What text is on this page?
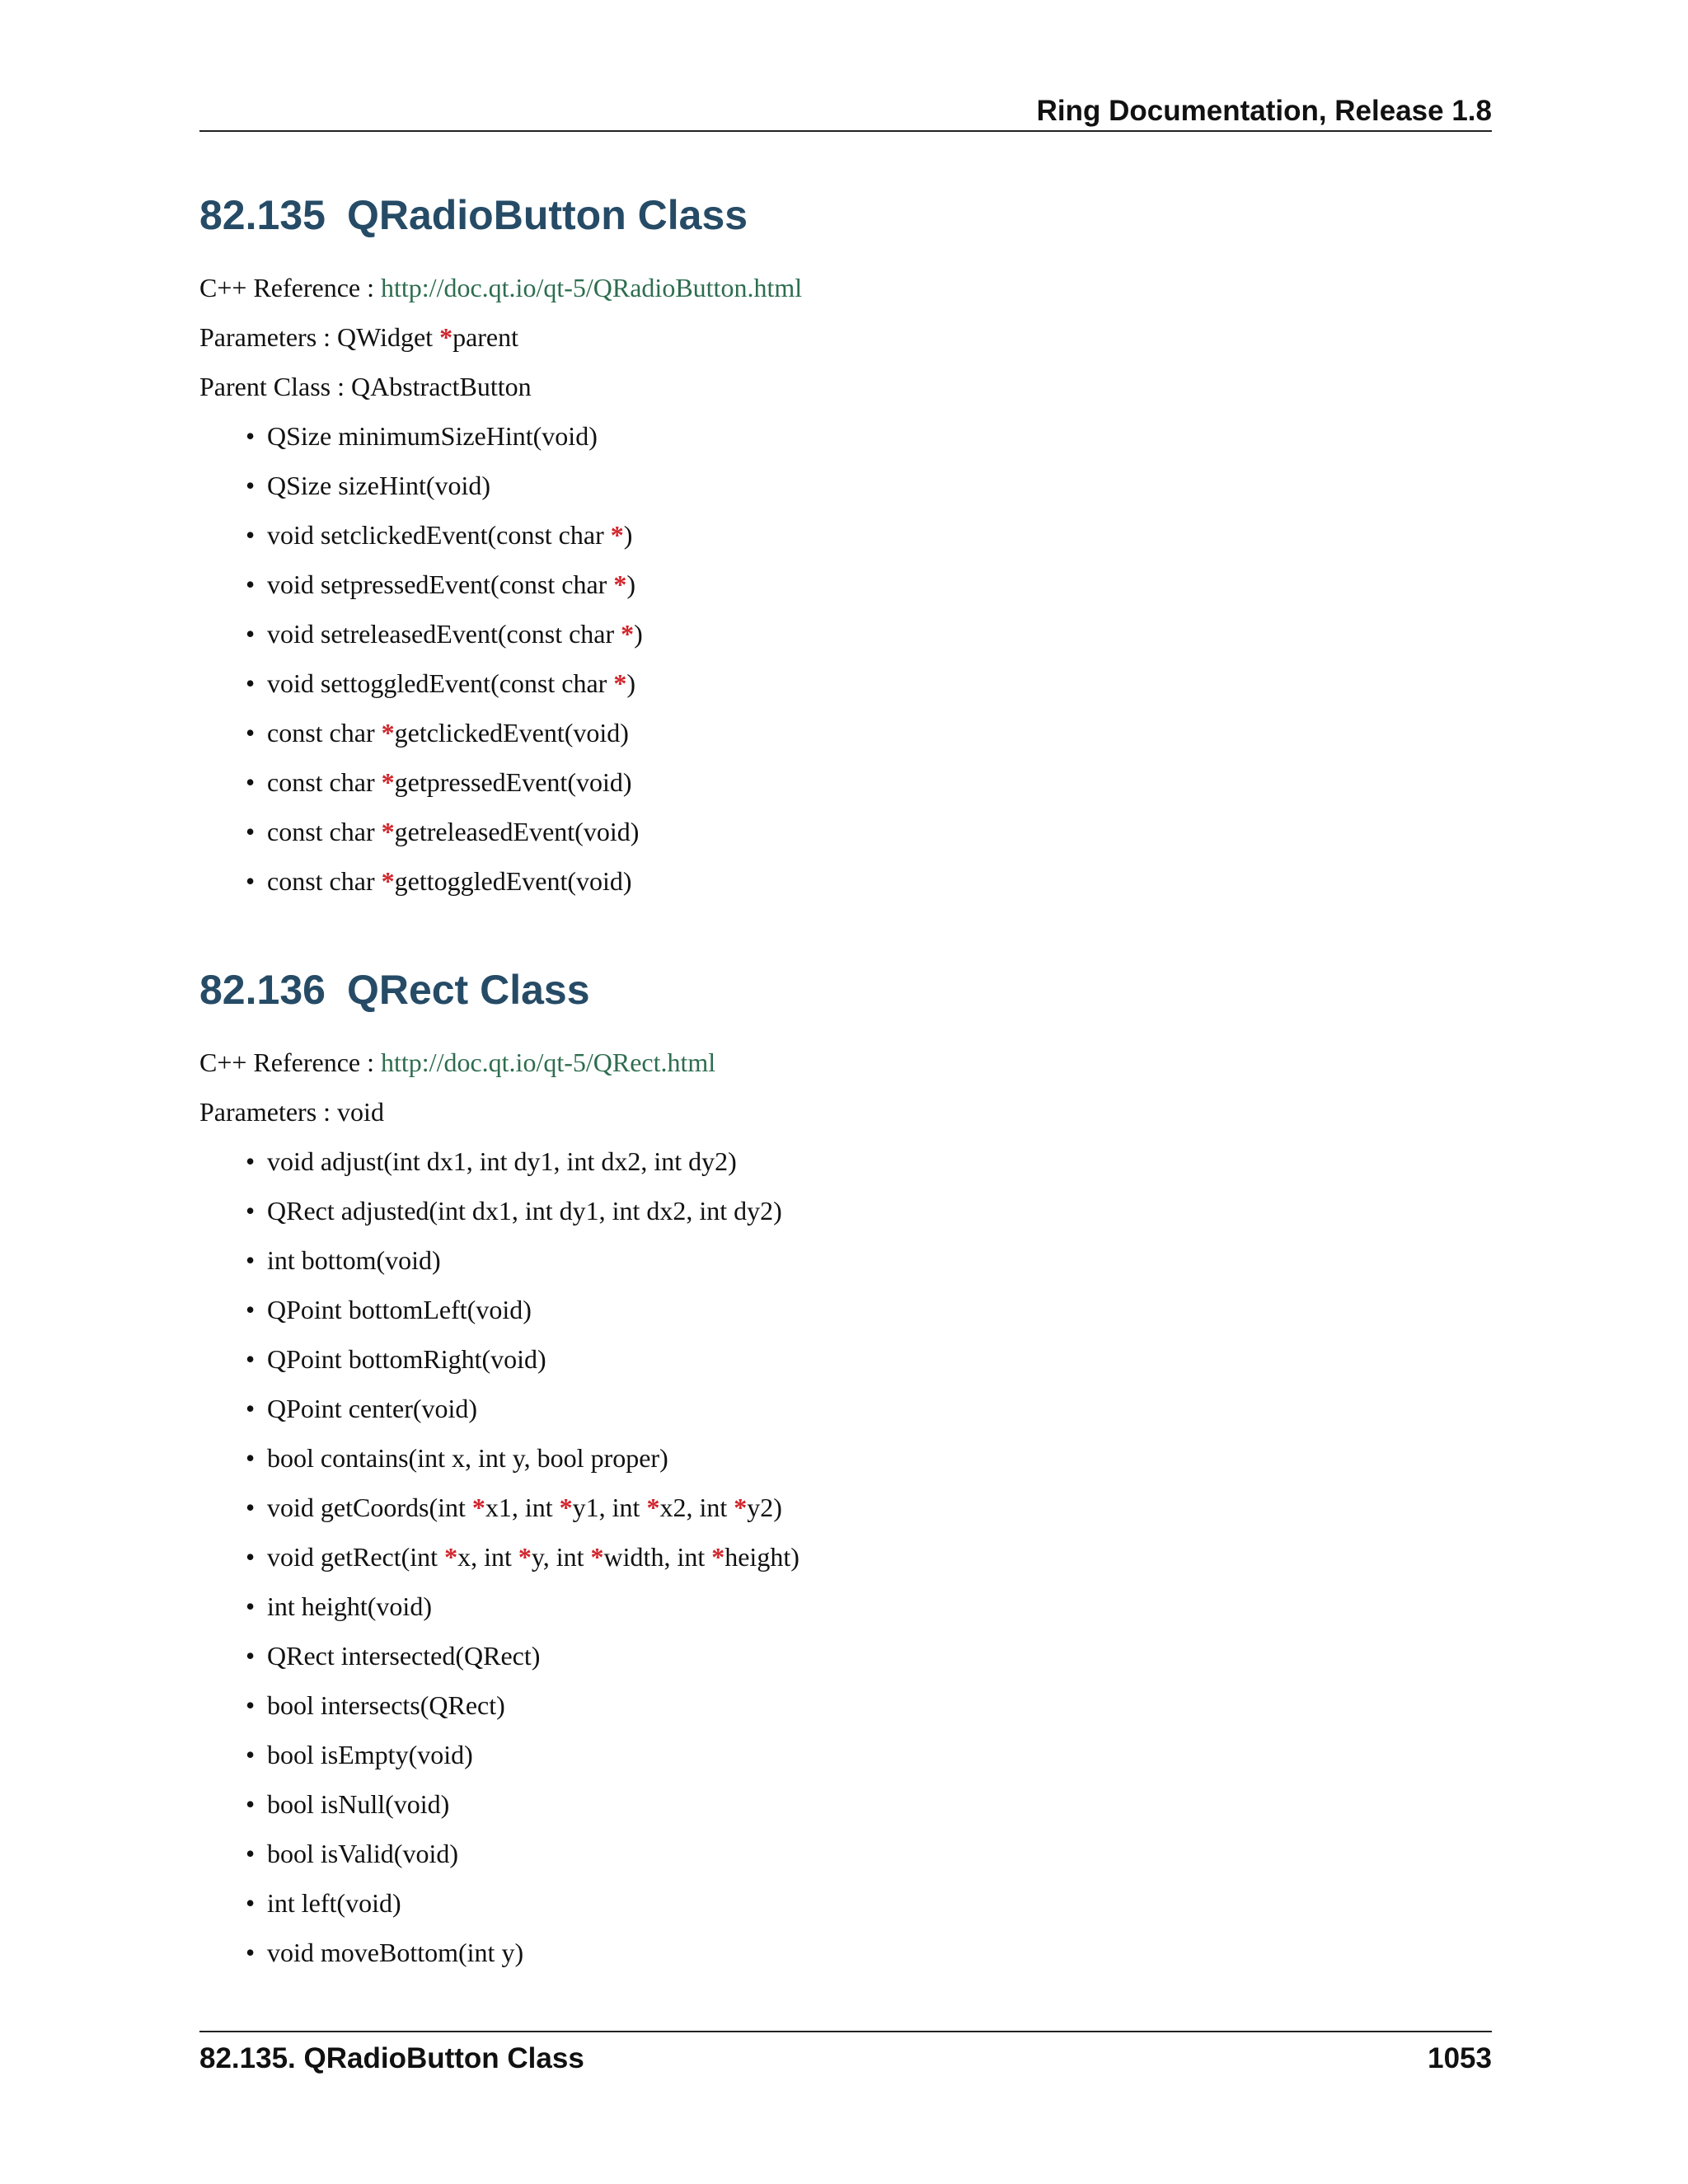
Ring Documentation, Release 1.8
82.135 QRadioButton Class

C++ Reference : http://doc.qt.io/qt-5/QRadioButton.html

Parameters : QWidget *parent

Parent Class : QAbstractButton

• QSize minimumSizeHint(void)
• QSize sizeHint(void)
• void setclickedEvent(const char *)
• void setpressedEvent(const char *)
• void setreleasedEvent(const char *)
• void settoggledEvent(const char *)
• const char *getclickedEvent(void)
• const char *getpressedEvent(void)
• const char *getreleasedEvent(void)
• const char *gettoggledEvent(void)
82.136 QRect Class

C++ Reference : http://doc.qt.io/qt-5/QRect.html

Parameters : void

• void adjust(int dx1, int dy1, int dx2, int dy2)
• QRect adjusted(int dx1, int dy1, int dx2, int dy2)
• int bottom(void)
• QPoint bottomLeft(void)
• QPoint bottomRight(void)
• QPoint center(void)
• bool contains(int x, int y, bool proper)
• void getCoords(int *x1, int *y1, int *x2, int *y2)
• void getRect(int *x, int *y, int *width, int *height)
• int height(void)
• QRect intersected(QRect)
• bool intersects(QRect)
• bool isEmpty(void)
• bool isNull(void)
• bool isValid(void)
• int left(void)
• void moveBottom(int y)
82.135. QRadioButton Class	1053
